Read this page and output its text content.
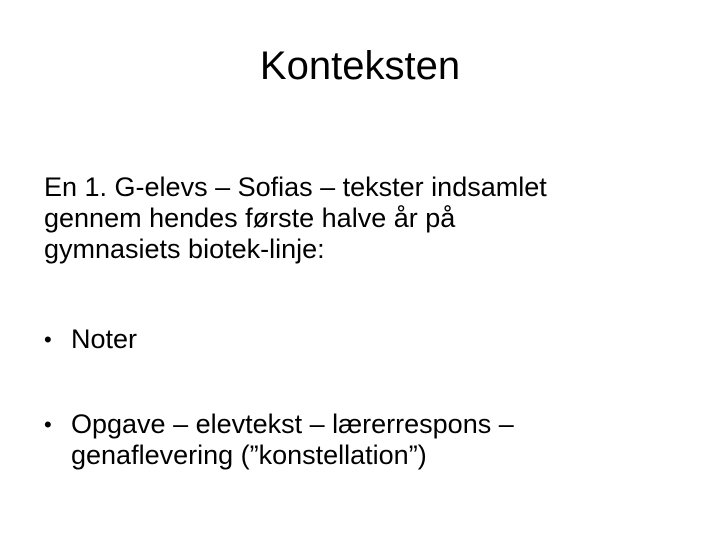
Konteksten

En 1. G-elevs – Sofias – tekster indsamlet
gennem hendes første halve år på
gymnasiets biotek-linje:

• Noter
• Opgave – elevtekst – lærerrespons –
genaflevering (”konstellation”)
